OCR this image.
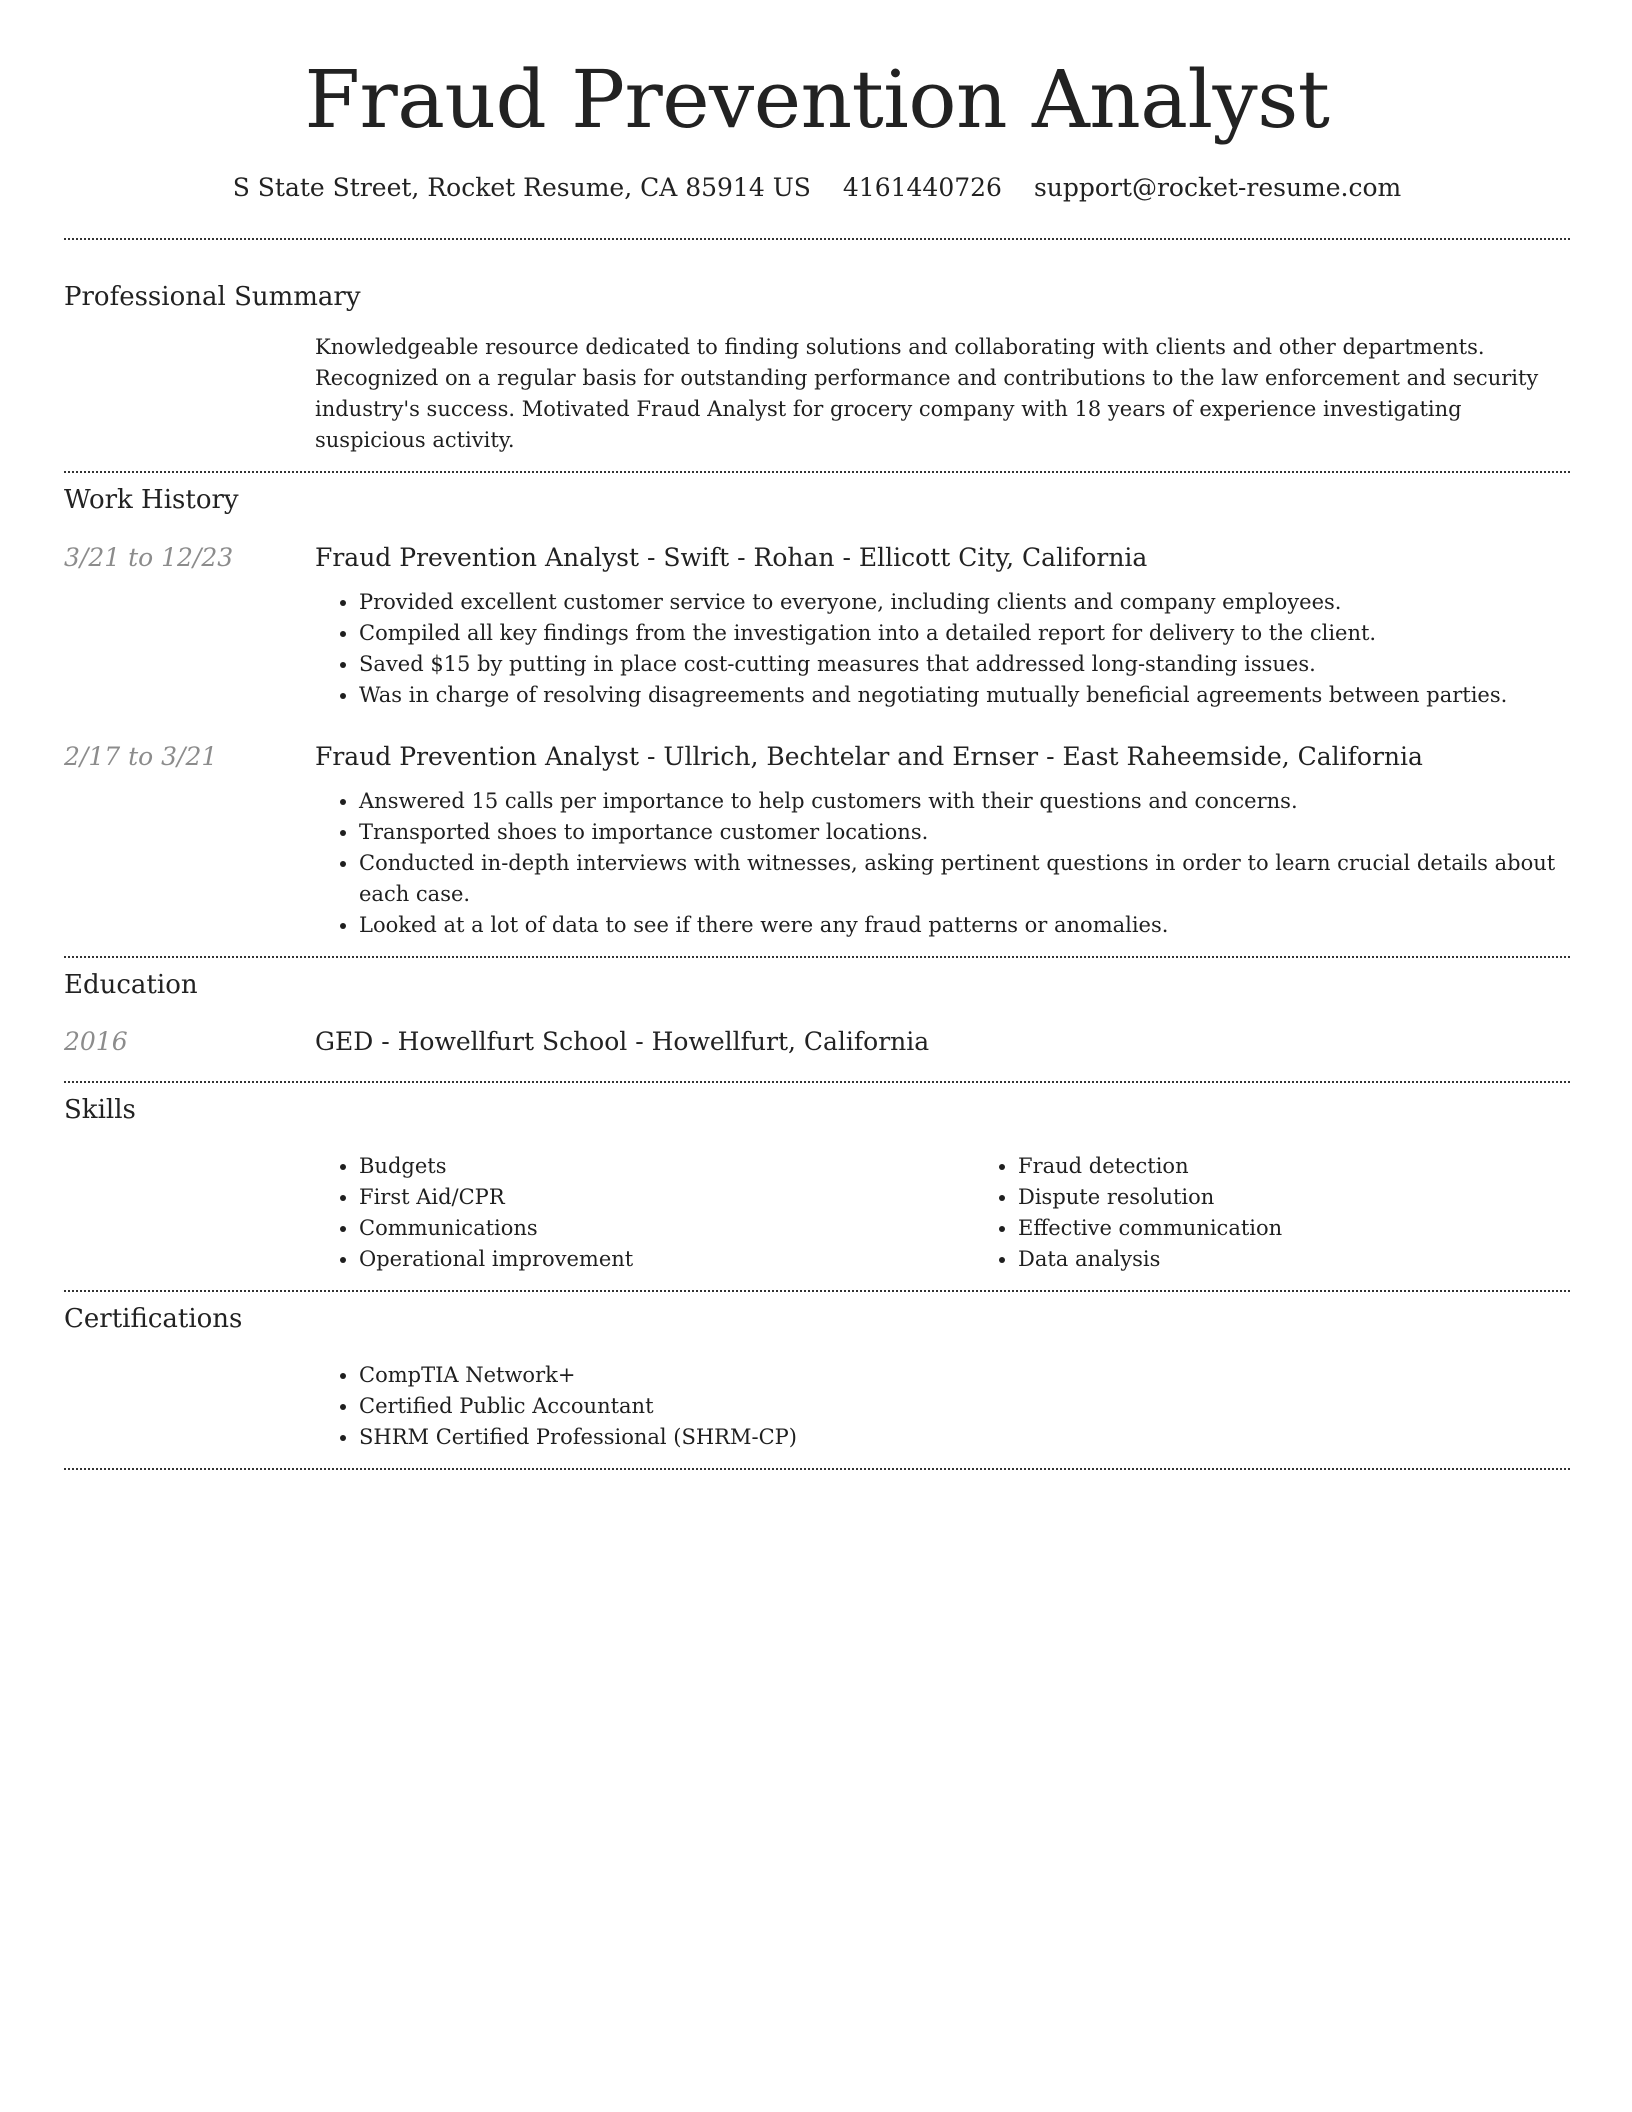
Fraud Prevention Analyst
S State Street, Rocket Resume, CA 85914 US 4161440726 support@rocket-resume.com
Professional Summary

Knowledgeable resource dedicated to finding solutions and collaborating with clients and other departments. Recognized on a regular basis for outstanding performance and contributions to the law enforcement and security industry's success. Motivated Fraud Analyst for grocery company with 18 years of experience investigating suspicious activity.

Work History
3/21 to 12/23	Fraud Prevention Analyst - Swift - Rohan - Ellicott City, California
• Provided excellent customer service to everyone, including clients and company employees.
• Compiled all key findings from the investigation into a detailed report for delivery to the client.
• Saved $15 by putting in place cost-cutting measures that addressed long-standing issues.
• Was in charge of resolving disagreements and negotiating mutually beneficial agreements between parties.
2/17 to 3/21	Fraud Prevention Analyst - Ullrich, Bechtelar and Ernser - East Raheemside, California
• Answered 15 calls per importance to help customers with their questions and concerns.
• Transported shoes to importance customer locations.
• Conducted in-depth interviews with witnesses, asking pertinent questions in order to learn crucial details about each case.
• Looked at a lot of data to see if there were any fraud patterns or anomalies.
Education
2016	GED - Howellfurt School - Howellfurt, California
Skills
• Budgets
• First Aid/CPR
• Communications
• Operational improvement
• Fraud detection
• Dispute resolution
• Effective communication
• Data analysis
Certifications
• CompTIA Network+
• Certified Public Accountant
• SHRM Certified Professional (SHRM-CP)
